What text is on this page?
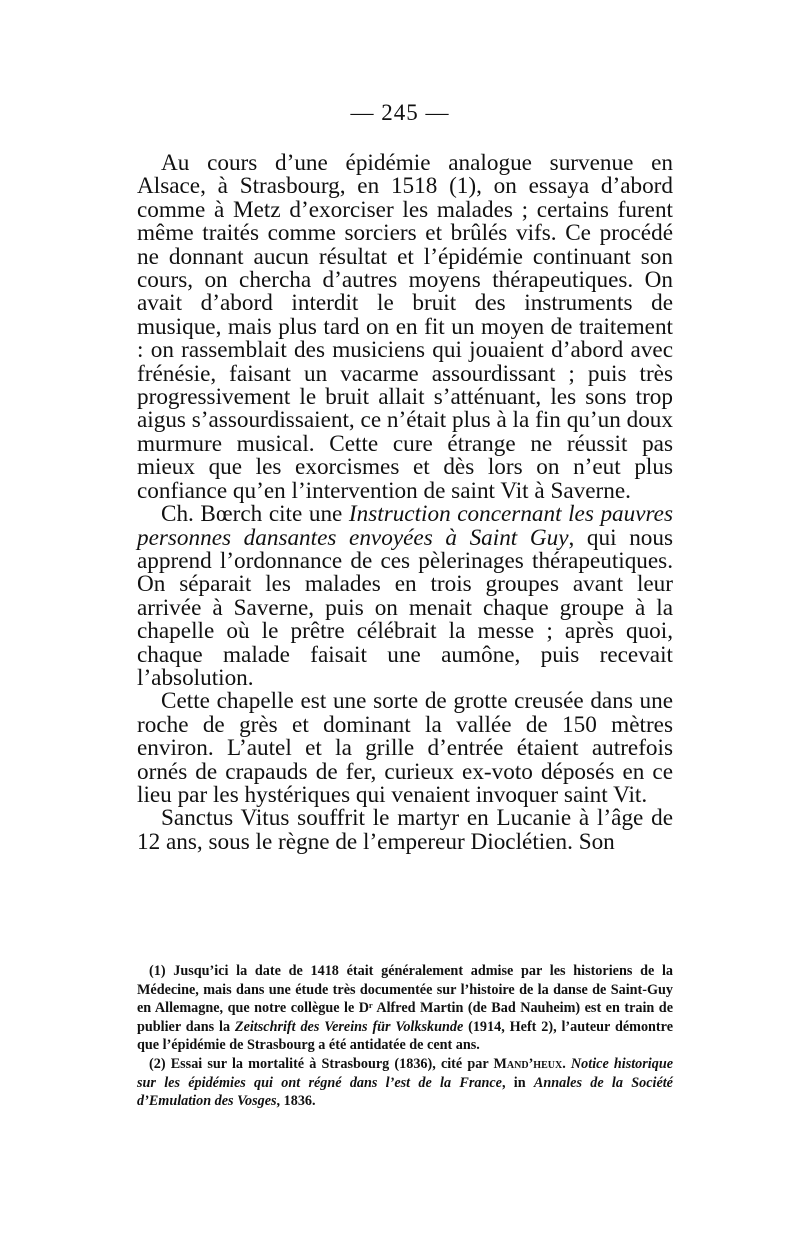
— 245 —

Au cours d’une épidémie analogue survenue en Alsace, à Strasbourg, en 1518 (1), on essaya d’abord comme à Metz d’exorciser les malades ; certains furent même traités comme sorciers et brûlés vifs. Ce procédé ne donnant aucun résultat et l’épidémie continuant son cours, on chercha d’autres moyens thérapeutiques. On avait d’abord interdit le bruit des instruments de musique, mais plus tard on en fit un moyen de traitement : on rassemblait des musiciens qui jouaient d’abord avec frénésie, faisant un vacarme assourdissant ; puis très progressivement le bruit allait s’atténuant, les sons trop aigus s’assourdissaient, ce n’était plus à la fin qu’un doux murmure musical. Cette cure étrange ne réussit pas mieux que les exorcismes et dès lors on n’eut plus confiance qu’en l’intervention de saint Vit à Saverne.

Ch. Bœrch cite une Instruction concernant les pauvres personnes dansantes envoyées à Saint Guy, qui nous apprend l’ordonnance de ces pèlerinages thérapeutiques. On séparait les malades en trois groupes avant leur arrivée à Saverne, puis on menait chaque groupe à la chapelle où le prêtre célébrait la messe ; après quoi, chaque malade faisait une aumône, puis recevait l’absolution.

Cette chapelle est une sorte de grotte creusée dans une roche de grès et dominant la vallée de 150 mètres environ. L’autel et la grille d’entrée étaient autrefois ornés de crapauds de fer, curieux ex-voto déposés en ce lieu par les hystériques qui venaient invoquer saint Vit.

Sanctus Vitus souffrit le martyr en Lucanie à l’âge de 12 ans, sous le règne de l’empereur Dioclétien. Son

(1) Jusqu’ici la date de 1418 était généralement admise par les historiens de la Médecine, mais dans une étude très documentée sur l’histoire de la danse de Saint-Guy en Allemagne, que notre collègue le Dʳ Alfred Martin (de Bad Nauheim) est en train de publier dans la Zeitschrift des Vereins für Volkskunde (1914, Heft 2), l’auteur démontre que l’épidémie de Strasbourg a été antidatée de cent ans.

(2) Essai sur la mortalité à Strasbourg (1836), cité par Mand’heux. Notice historique sur les épidémies qui ont régné dans l’est de la France, in Annales de la Société d’Emulation des Vosges, 1836.
